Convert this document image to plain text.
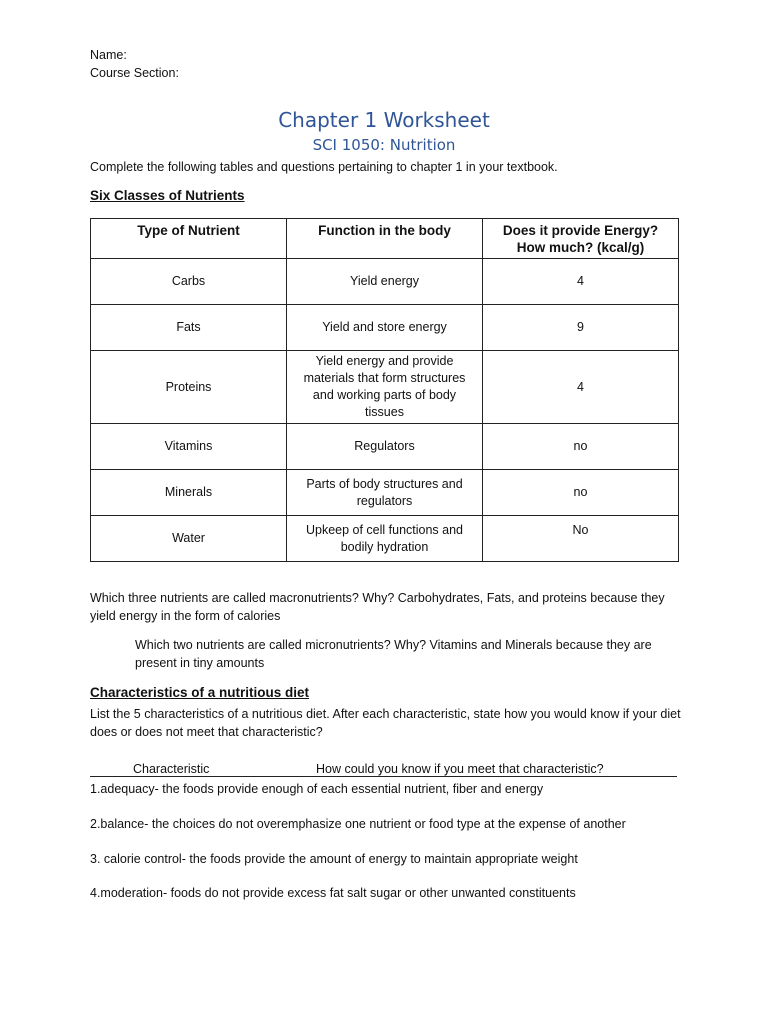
Name:
Course Section:
Chapter 1 Worksheet
SCI 1050: Nutrition
Complete the following tables and questions pertaining to chapter 1 in your textbook.
Six Classes of Nutrients
Type of Nutrient	Function in the body	Does it provide Energy? How much? (kcal/g)
Carbs	Yield energy	4
Fats	Yield and store energy	9
Proteins	Yield energy and provide materials that form structures and working parts of body tissues	4
Vitamins	Regulators	no
Minerals	Parts of body structures and regulators	no
Water	Upkeep of cell functions and bodily hydration	No
Which three nutrients are called macronutrients? Why? Carbohydrates, Fats, and proteins because they yield energy in the form of calories
Which two nutrients are called micronutrients? Why? Vitamins and Minerals because they are present in tiny amounts
Characteristics of a nutritious diet
List the 5 characteristics of a nutritious diet. After each characteristic, state how you would know if your diet does or does not meet that characteristic?
Characteristic	How could you know if you meet that characteristic?
1.adequacy- the foods provide enough of each essential nutrient, fiber and energy
2.balance- the choices do not overemphasize one nutrient or food type at the expense of another
3. calorie control- the foods provide the amount of energy to maintain appropriate weight
4.moderation- foods do not provide excess fat salt sugar or other unwanted constituents
